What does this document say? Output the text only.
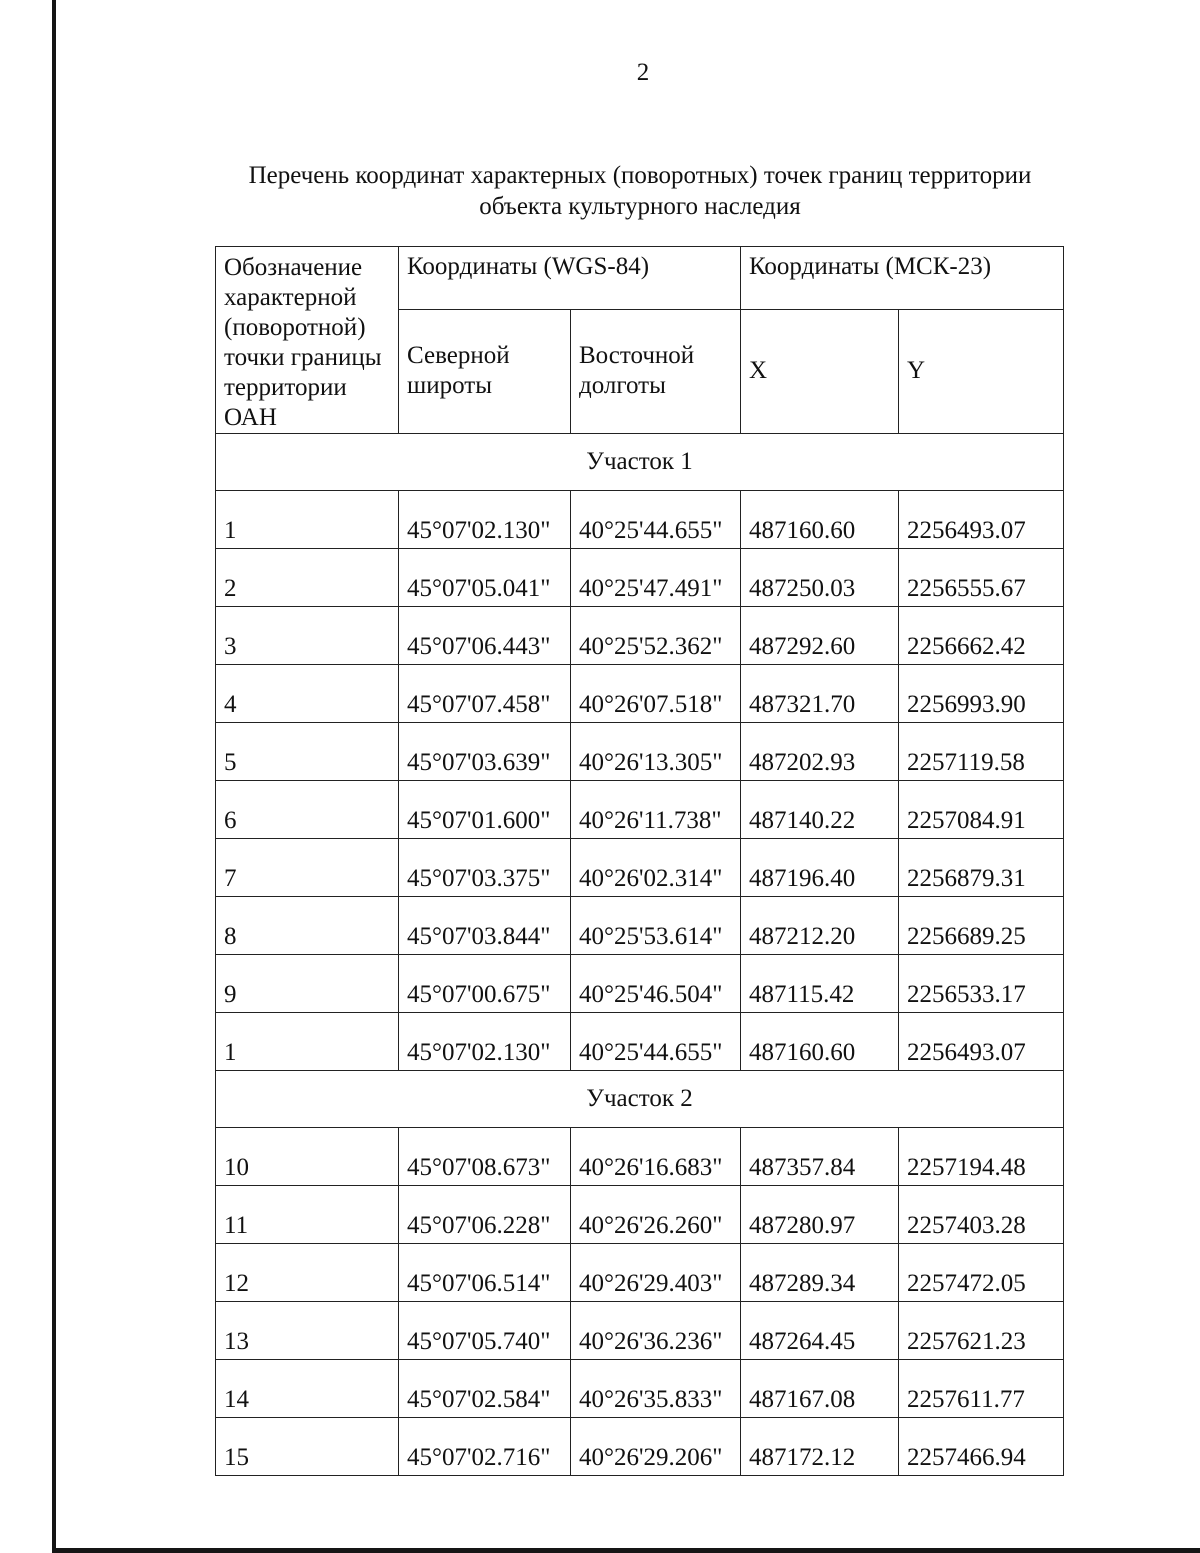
2
Перечень координат характерных (поворотных) точек границ территории
объекта культурного наследия
Обозначение характерной (поворотной) точки границы территории ОАН	Координаты (WGS-84)		Координаты (МСК-23)	
	Северной широты	Восточной долготы	X	Y
Участок 1				
1	45°07'02.130"	40°25'44.655"	487160.60	2256493.07
2	45°07'05.041"	40°25'47.491"	487250.03	2256555.67
3	45°07'06.443"	40°25'52.362"	487292.60	2256662.42
4	45°07'07.458"	40°26'07.518"	487321.70	2256993.90
5	45°07'03.639"	40°26'13.305"	487202.93	2257119.58
6	45°07'01.600"	40°26'11.738"	487140.22	2257084.91
7	45°07'03.375"	40°26'02.314"	487196.40	2256879.31
8	45°07'03.844"	40°25'53.614"	487212.20	2256689.25
9	45°07'00.675"	40°25'46.504"	487115.42	2256533.17
1	45°07'02.130"	40°25'44.655"	487160.60	2256493.07
Участок 2				
10	45°07'08.673"	40°26'16.683"	487357.84	2257194.48
11	45°07'06.228"	40°26'26.260"	487280.97	2257403.28
12	45°07'06.514"	40°26'29.403"	487289.34	2257472.05
13	45°07'05.740"	40°26'36.236"	487264.45	2257621.23
14	45°07'02.584"	40°26'35.833"	487167.08	2257611.77
15	45°07'02.716"	40°26'29.206"	487172.12	2257466.94
